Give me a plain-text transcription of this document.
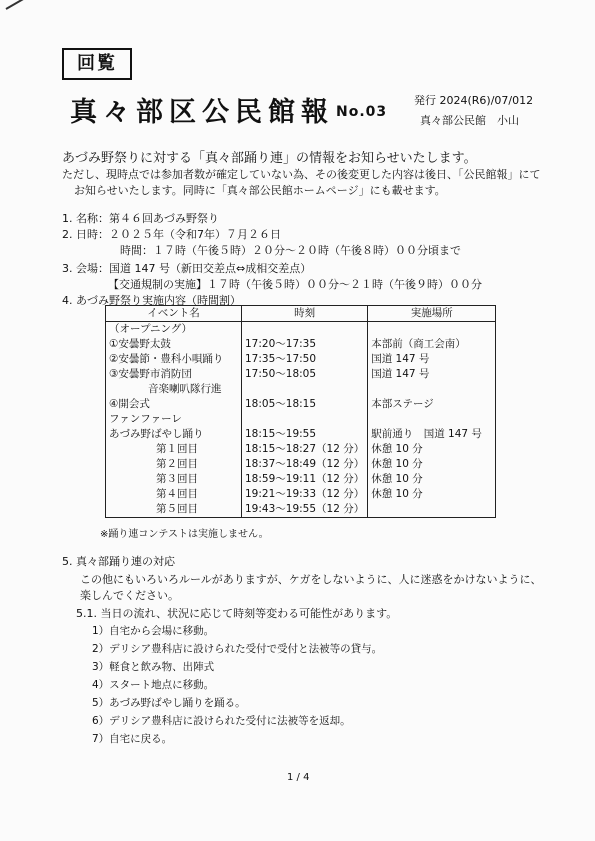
回覧
真々部区公民館報 No.03
発行 2024(R6)/07/012
真々部公民館　小山
あづみ野祭りに対する「真々部踊り連」の情報をお知らせいたします。
ただし、現時点では参加者数が確定していない為、その後変更した内容は後日、「公民館報」にて
お知らせいたします。同時に「真々部公民館ホームページ」にも載せます。
1. 名称：第４６回あづみ野祭り
2. 日時：２０２５年（令和7年）７月２６日
時間：１７時（午後５時）２０分～２０時（午後８時）００分頃まで
3. 会場：国道 147 号（新田交差点⇔成相交差点）
【交通規制の実施】１７時（午後５時）００分～２１時（午後９時）００分
4. あづみ野祭り実施内容（時間割）
イベント名	時刻	実施場所
（オープニング）		
①安曇野太鼓	17:20～17:35	本部前（商工会南）
②安曇節・豊科小唄踊り	17:35～17:50	国道 147 号
③安曇野市消防団	17:50～18:05	国道 147 号
音楽喇叭隊行進		
④開会式	18:05～18:15	本部ステージ
ファンファーレ		
あづみ野ばやし踊り	18:15～19:55	駅前通り　国道 147 号
第１回目	18:15～18:27（12 分）	休憩 10 分
第２回目	18:37～18:49（12 分）	休憩 10 分
第３回目	18:59～19:11（12 分）	休憩 10 分
第４回目	19:21～19:33（12 分）	休憩 10 分
第５回目	19:43～19:55（12 分）	
※踊り連コンテストは実施しません。
5. 真々部踊り連の対応
この他にもいろいろルールがありますが、ケガをしないように、人に迷惑をかけないように、
楽しんでください。
5.1. 当日の流れ、状況に応じて時刻等変わる可能性があります。
1）自宅から会場に移動。
2）デリシア豊科店に設けられた受付で受付と法被等の貸与。
3）軽食と飲み物、出陣式
4）スタート地点に移動。
5）あづみ野ばやし踊りを踊る。
6）デリシア豊科店に設けられた受付に法被等を返却。
7）自宅に戻る。
1 / 4
